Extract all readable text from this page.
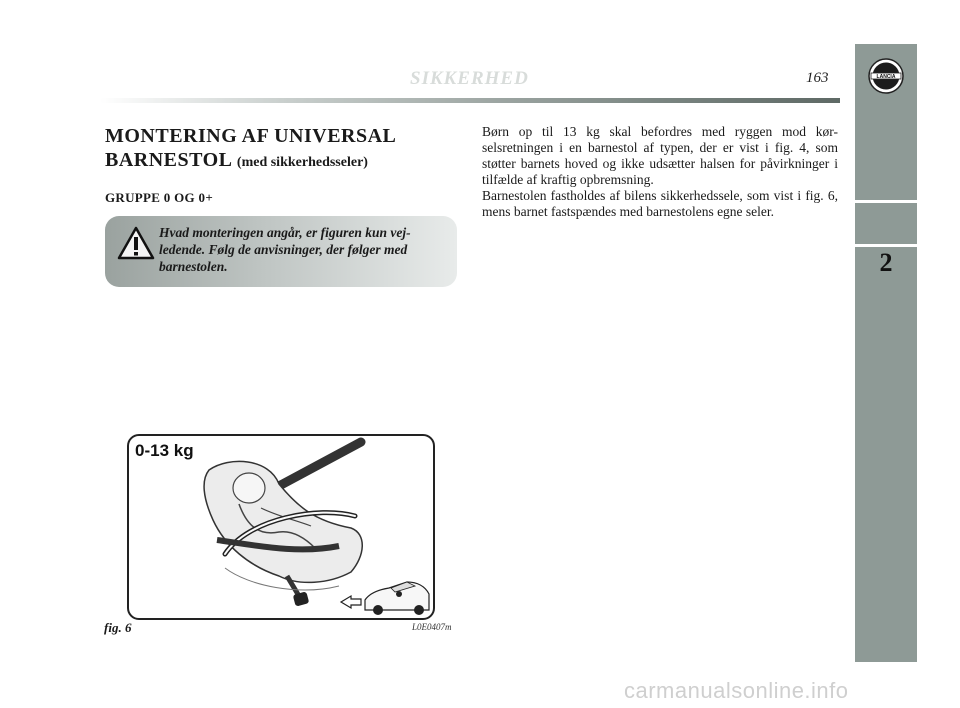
LANCIA
2
SIKKERHED	163
MONTERING AF UNIVERSAL BARNESTOL (med sikkerhedsseler)
GRUPPE 0 OG 0+
Hvad monteringen angår, er figuren kun vej-ledende. Følg de anvisninger, der følger med barnestolen.
0-13 kg
fig. 6	L0E0407m

Børn op til 13 kg skal befordres med ryggen mod kør-selsretningen i en barnestol af typen, der er vist i fig. 4, som støtter barnets hoved og ikke udsætter halsen for påvirkninger i tilfælde af kraftig opbremsning.

Barnestolen fastholdes af bilens sikkerhedssele, som vist i fig. 6, mens barnet fastspændes med barnestolens egne seler.

carmanualsonline.info
